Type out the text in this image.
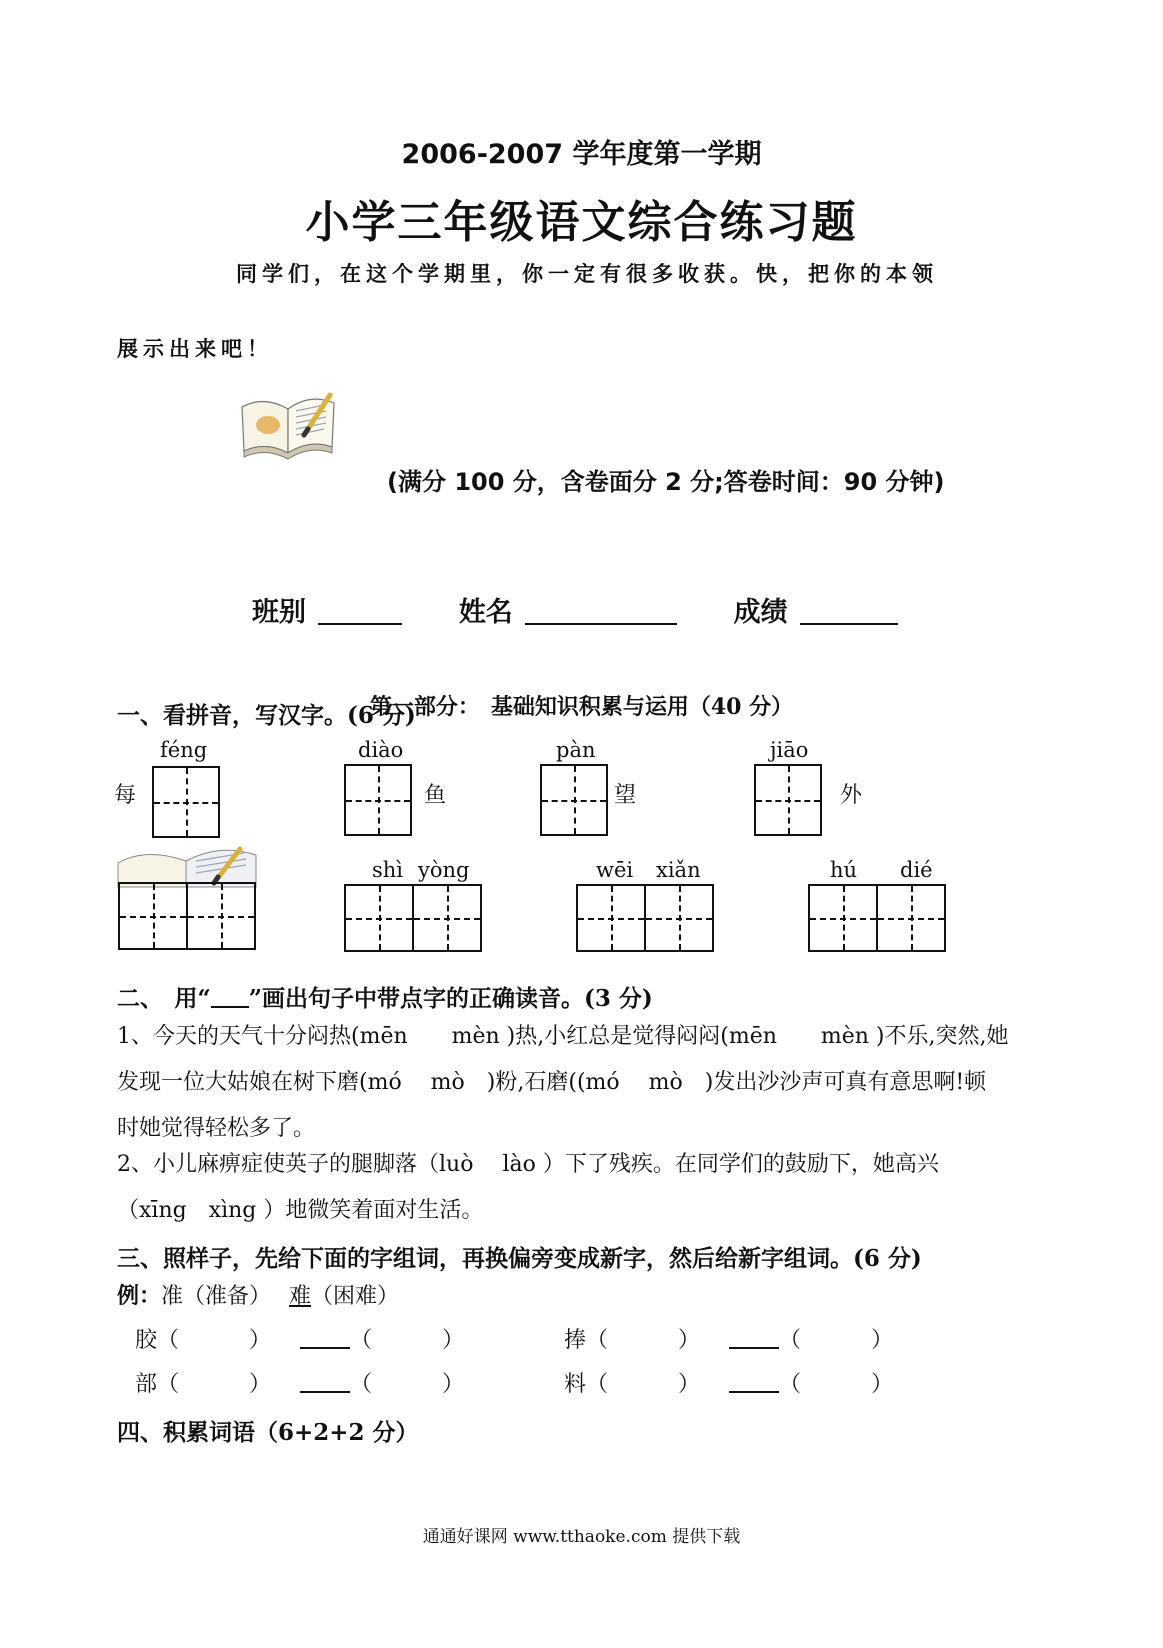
2006-2007 学年度第一学期
小学三年级语文综合练习题
同学们，在这个学期里，你一定有很多收获。快，把你的本领
展示出来吧！
(满分 100 分，含卷面分 2 分;答卷时间：90 分钟)
班别	姓名	成绩
第一部分：　基础知识积累与运用（40 分）
一、看拼音，写汉字。(6 分)
féng
每
diào
鱼
pàn
望
jiāo
外
shì yòng	wēi xiǎn	hú dié
二、　用“ ”画出句子中带点字的正确读音。(3 分)
1、今天的天气十分闷热(mēn　　mèn )热,小红总是觉得闷闷(mēn　　mèn )不乐,突然,她
发现一位大姑娘在树下磨(mó　 mò　)粉,石磨((mó　 mò　)发出沙沙声可真有意思啊!顿
时她觉得轻松多了。
2、小儿麻痹症使英子的腿脚落（luò　 lào ）下了残疾。在同学们的鼓励下，她高兴
（xīng　xìng ）地微笑着面对生活。
三、照样子，先给下面的字组词，再换偏旁变成新字，然后给新字组词。(6 分)
例：准（准备）　 难（困难）
胶（	）	（	）	捧（	）	（	）
部（	）	（	）	料（	）	（	）
四、积累词语（6+2+2 分）
通通好课网 www.tthaoke.com 提供下载
